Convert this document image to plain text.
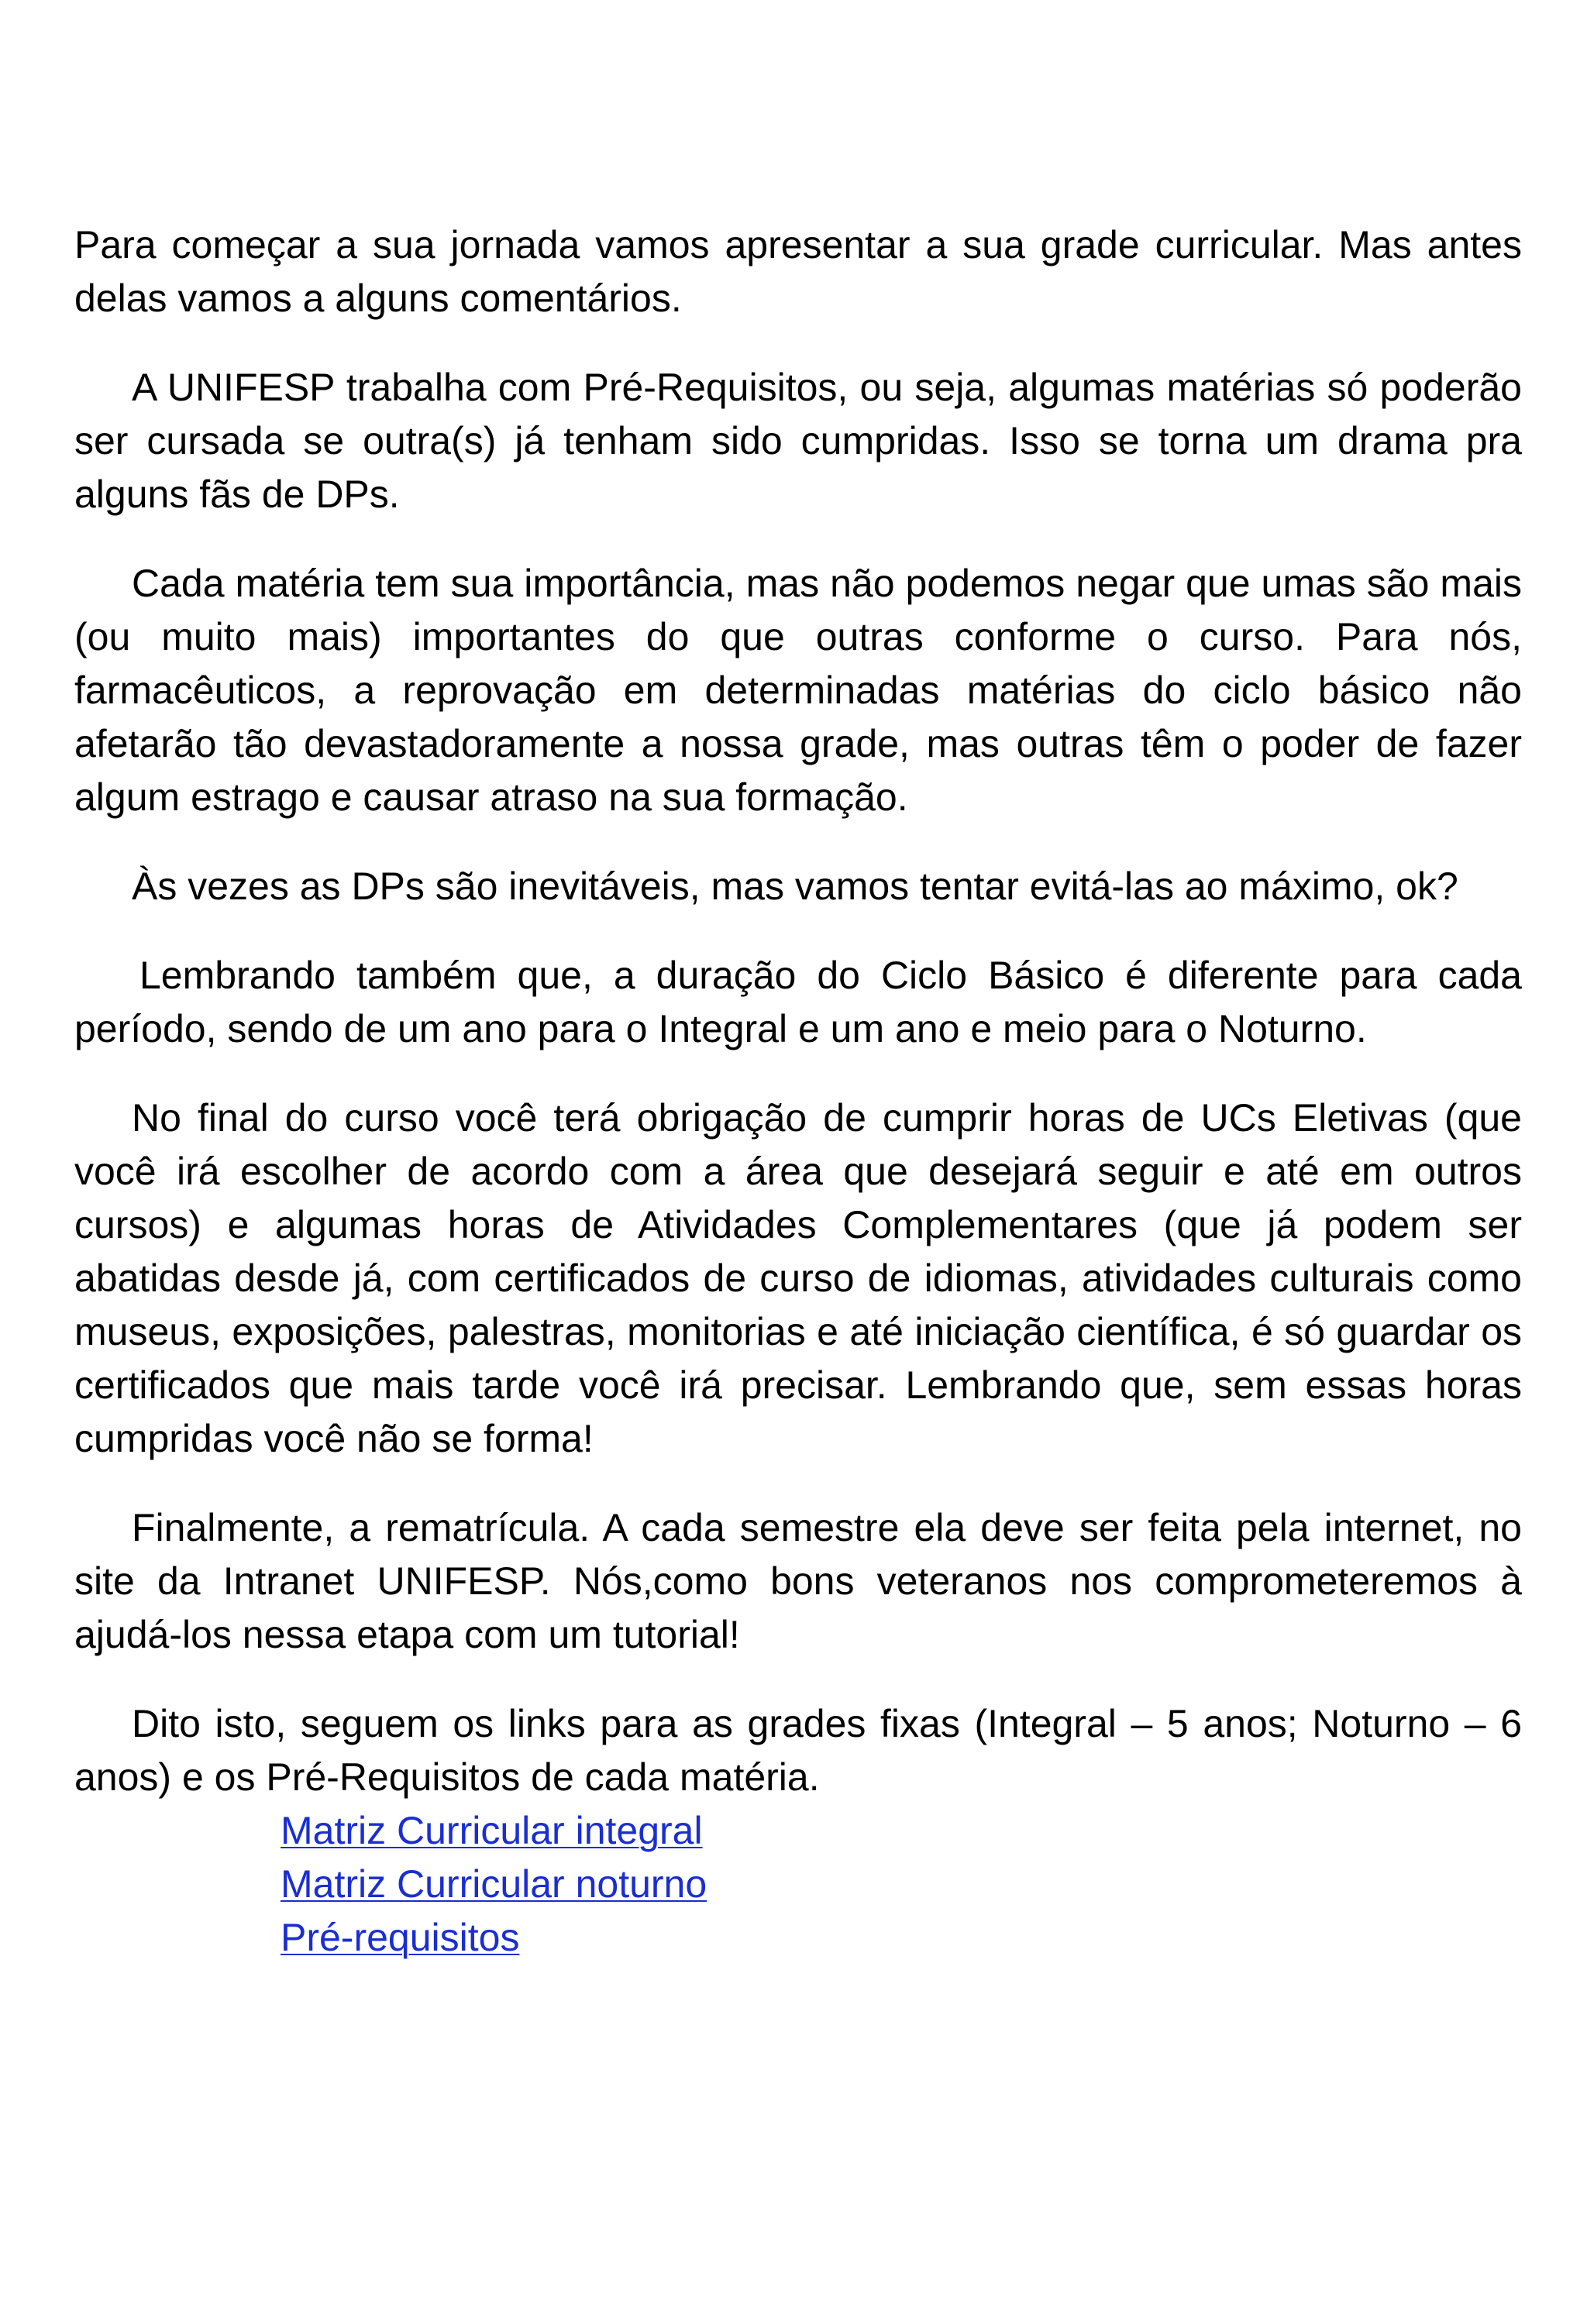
Para começar a sua jornada vamos apresentar a sua grade curricular. Mas antes delas vamos a alguns comentários.

A UNIFESP trabalha com Pré-Requisitos, ou seja, algumas matérias só poderão ser cursada se outra(s) já tenham sido cumpridas. Isso se torna um drama pra alguns fãs de DPs.

Cada matéria tem sua importância, mas não podemos negar que umas são mais (ou muito mais) importantes do que outras conforme o curso. Para nós, farmacêuticos, a reprovação em determinadas matérias do ciclo básico não afetarão tão devastadoramente a nossa grade, mas outras têm o poder de fazer algum estrago e causar atraso na sua formação.

Às vezes as DPs são inevitáveis, mas vamos tentar evitá-las ao máximo, ok?

Lembrando também que, a duração do Ciclo Básico é diferente para cada período, sendo de um ano para o Integral e um ano e meio para o Noturno.

No final do curso você terá obrigação de cumprir horas de UCs Eletivas (que você irá escolher de acordo com a área que desejará seguir e até em outros cursos) e algumas horas de Atividades Complementares (que já podem ser abatidas desde já, com certificados de curso de idiomas, atividades culturais como museus, exposições, palestras, monitorias e até iniciação científica, é só guardar os certificados que mais tarde você irá precisar. Lembrando que, sem essas horas cumpridas você não se forma!

Finalmente, a rematrícula. A cada semestre ela deve ser feita pela internet, no site da Intranet UNIFESP. Nós,como bons veteranos nos comprometeremos à ajudá-los nessa etapa com um tutorial!

Dito isto, seguem os links para as grades fixas (Integral – 5 anos; Noturno – 6 anos) e os Pré-Requisitos de cada matéria.

Matriz Curricular integral
Matriz Curricular noturno
Pré-requisitos
